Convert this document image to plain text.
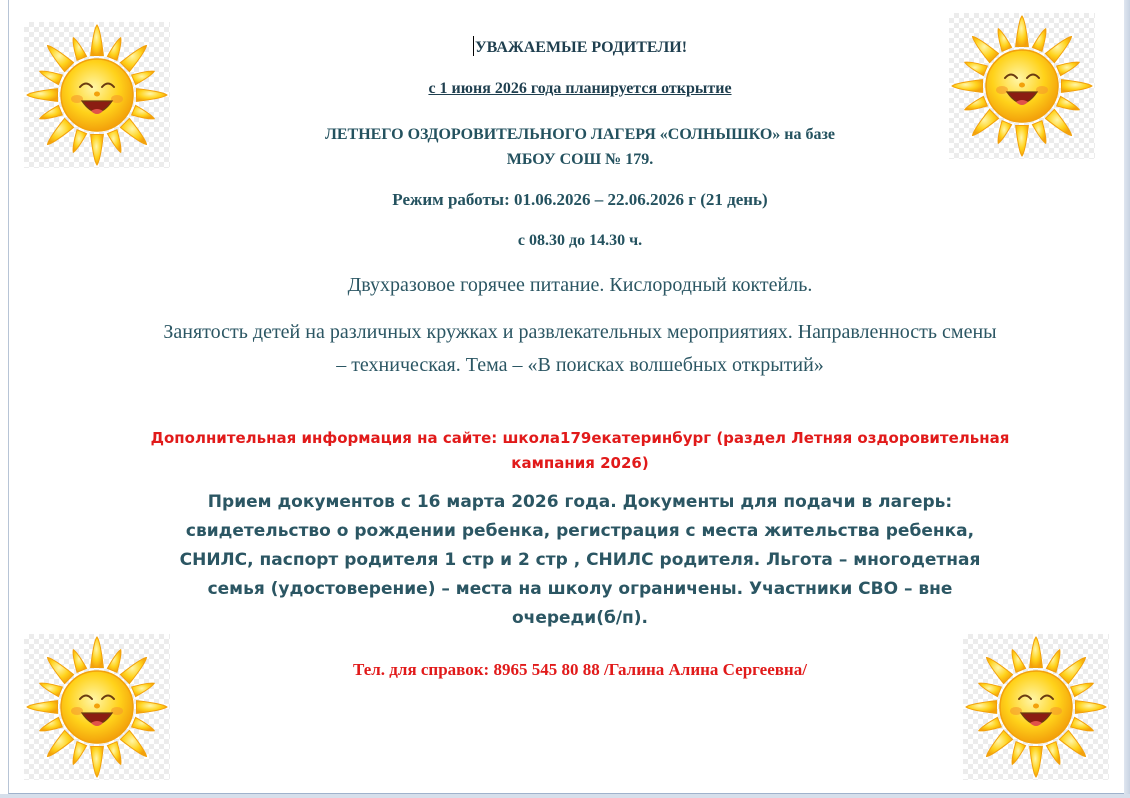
УВАЖАЕМЫЕ РОДИТЕЛИ!

с 1 июня 2026 года планируется открытие

ЛЕТНЕГО ОЗДОРОВИТЕЛЬНОГО ЛАГЕРЯ «СОЛНЫШКО» на базе
МБОУ СОШ № 179.

Режим работы: 01.06.2026 – 22.06.2026 г (21 день)

с 08.30 до 14.30 ч.

Двухразовое горячее питание. Кислородный коктейль.

Занятость детей на различных кружках и развлекательных мероприятиях. Направленность смены – техническая. Тема – «В поисках волшебных открытий»

Дополнительная информация на сайте: школа179екатеринбург (раздел Летняя оздоровительная кампания 2026)

Прием документов с 16 марта 2026 года. Документы для подачи в лагерь: свидетельство о рождении ребенка, регистрация с места жительства ребенка, СНИЛС, паспорт родителя 1 стр и 2 стр , СНИЛС родителя. Льгота – многодетная семья (удостоверение) – места на школу ограничены. Участники СВО – вне очереди(б/п).

Тел. для справок: 8965 545 80 88 /Галина Алина Сергеевна/
